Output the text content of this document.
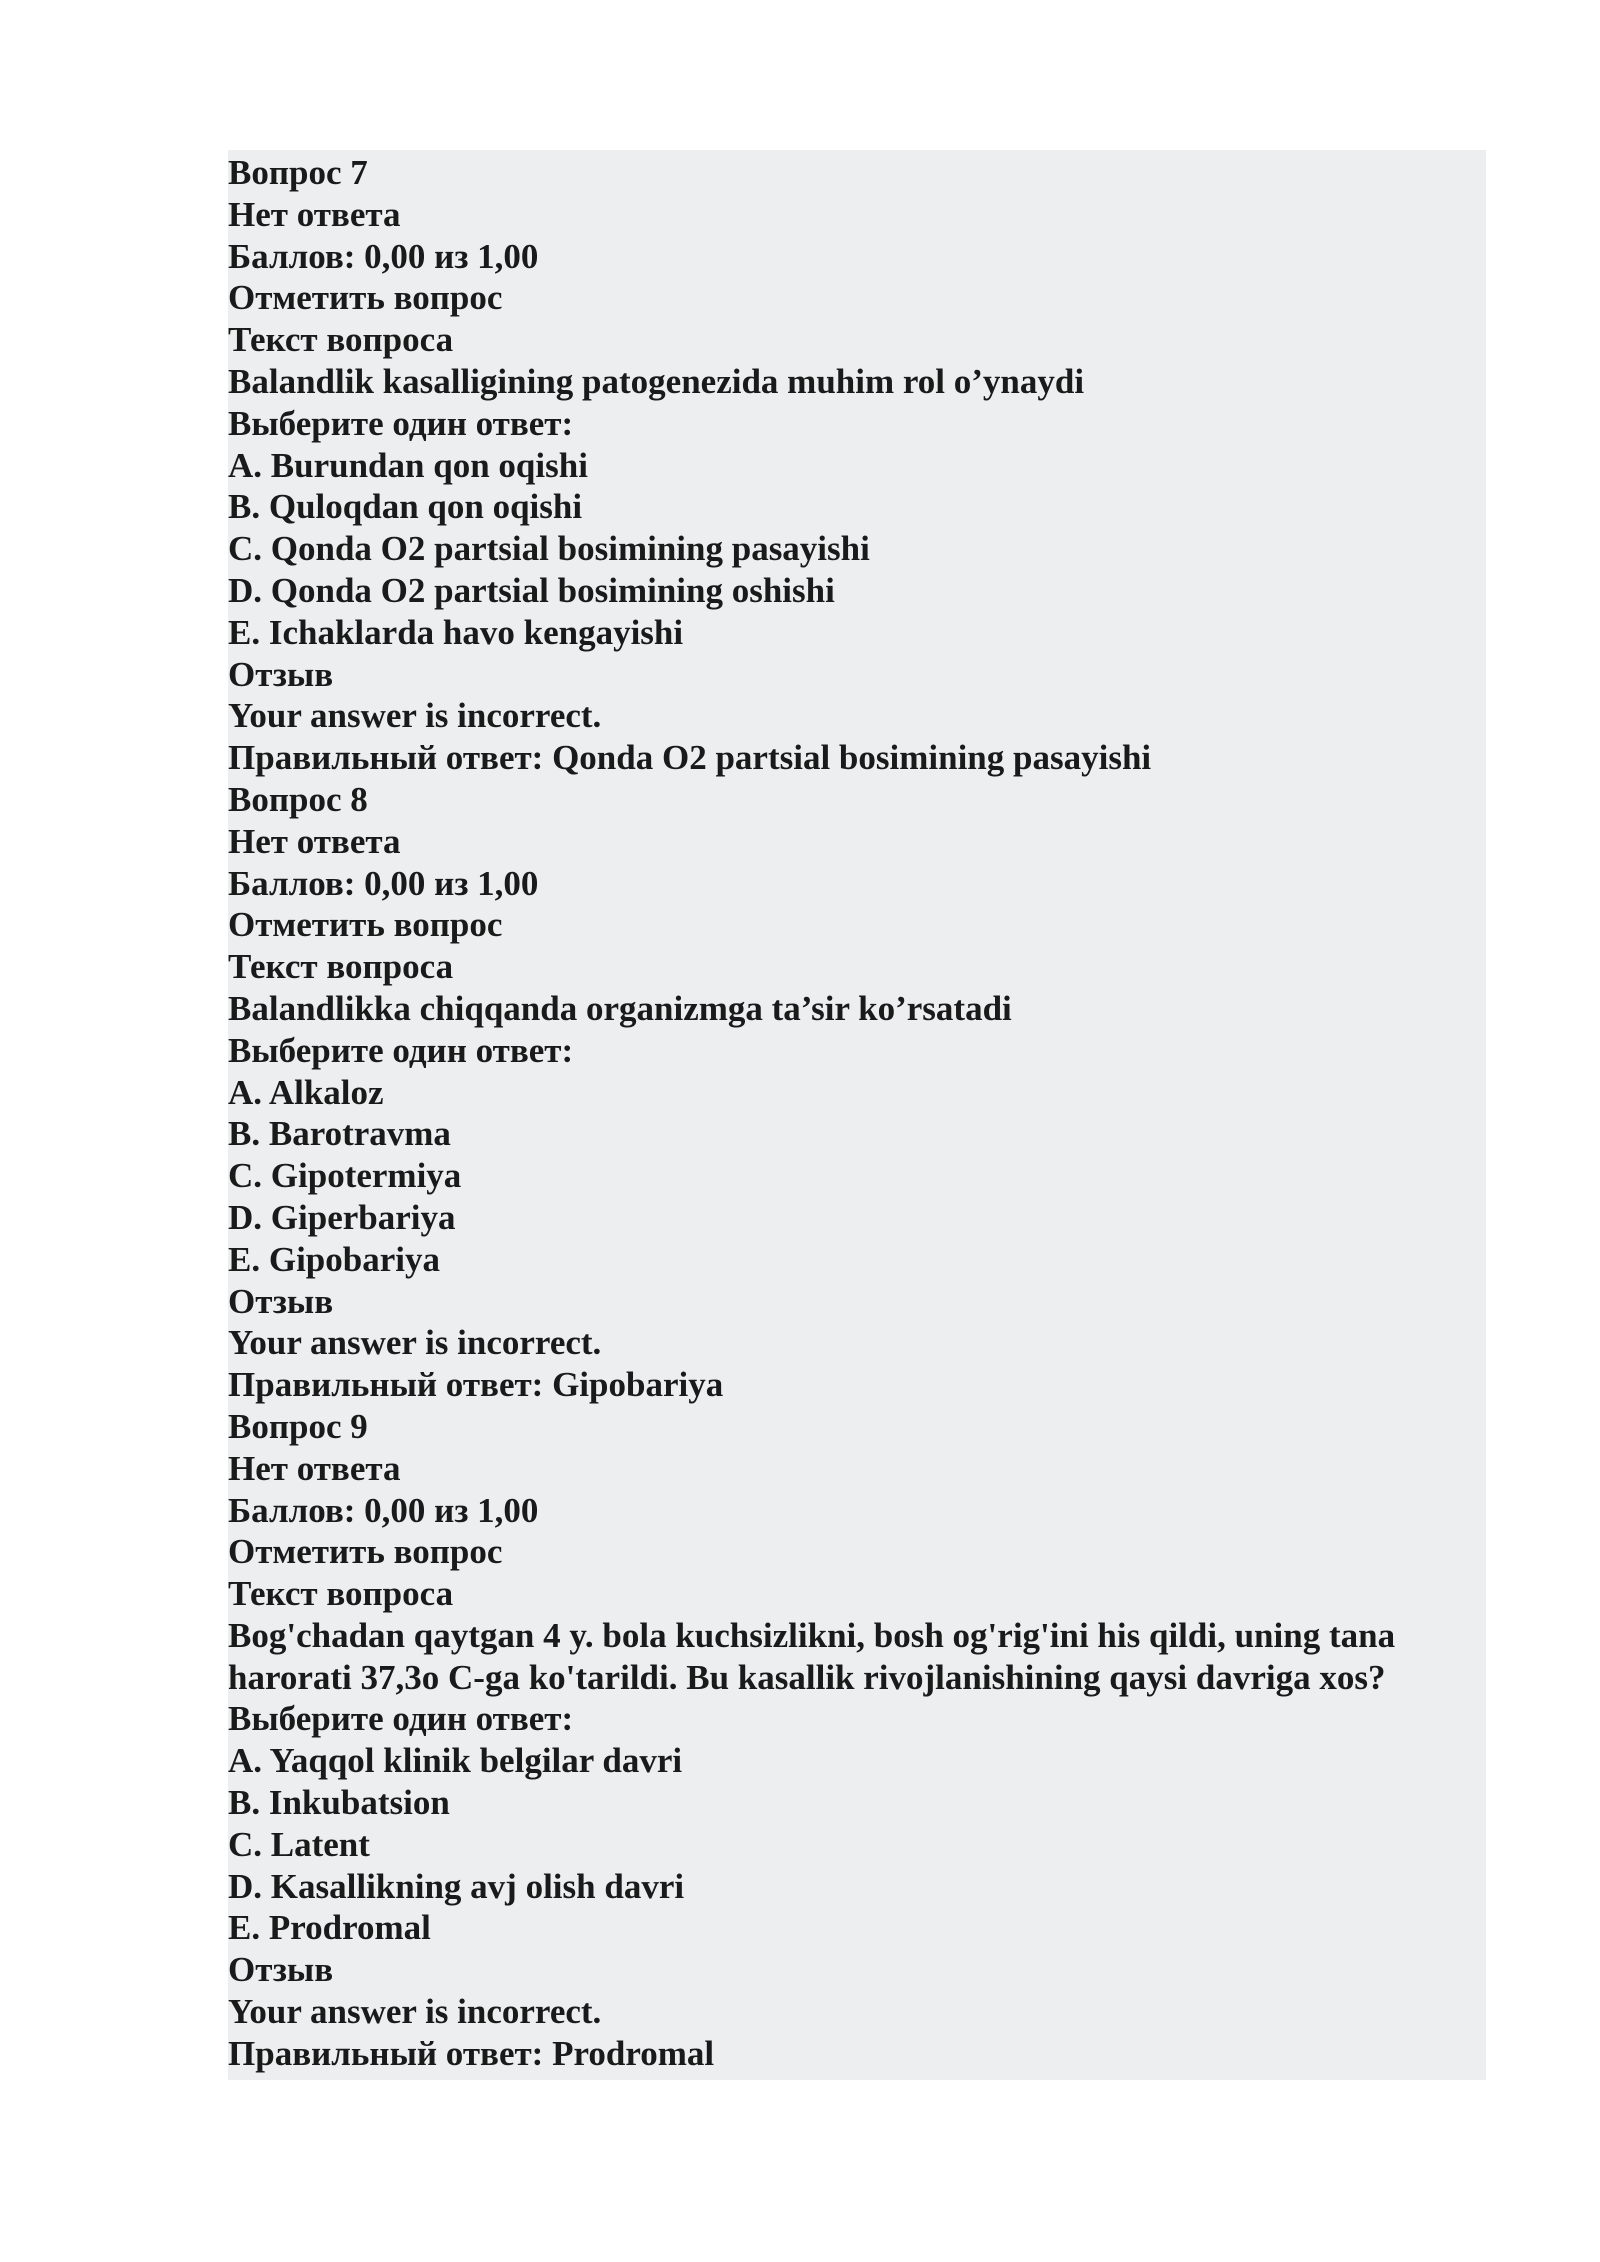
Вопрос 7

Нет ответа

Баллов: 0,00 из 1,00

Отметить вопрос

Текст вопроса

Balandlik kasalligining patogenezida muhim rol o’ynaydi

Выберите один ответ:

A. Burundan qon oqishi

B. Quloqdan qon oqishi

C. Qonda O2 partsial bosimining pasayishi

D. Qonda O2 partsial bosimining oshishi

E. Ichaklarda havo kengayishi

Отзыв

Your answer is incorrect.

Правильный ответ: Qonda O2 partsial bosimining pasayishi

Вопрос 8

Нет ответа

Баллов: 0,00 из 1,00

Отметить вопрос

Текст вопроса

Balandlikka chiqqanda organizmga ta’sir ko’rsatadi

Выберите один ответ:

A. Alkaloz

B. Barotravma

C. Gipotermiya

D. Giperbariya

E. Gipobariya

Отзыв

Your answer is incorrect.

Правильный ответ: Gipobariya

Вопрос 9

Нет ответа

Баллов: 0,00 из 1,00

Отметить вопрос

Текст вопроса

Bog'chadan qaytgan 4 y. bola kuchsizlikni, bosh og'rig'ini his qildi, uning tana harorati 37,3o C-ga ko'tarildi. Bu kasallik rivojlanishining qaysi davriga xos?

Выберите один ответ:

A. Yaqqol klinik belgilar davri

B. Inkubatsion

C. Latent

D. Kasallikning avj olish davri

E. Prodromal

Отзыв

Your answer is incorrect.

Правильный ответ: Prodromal
